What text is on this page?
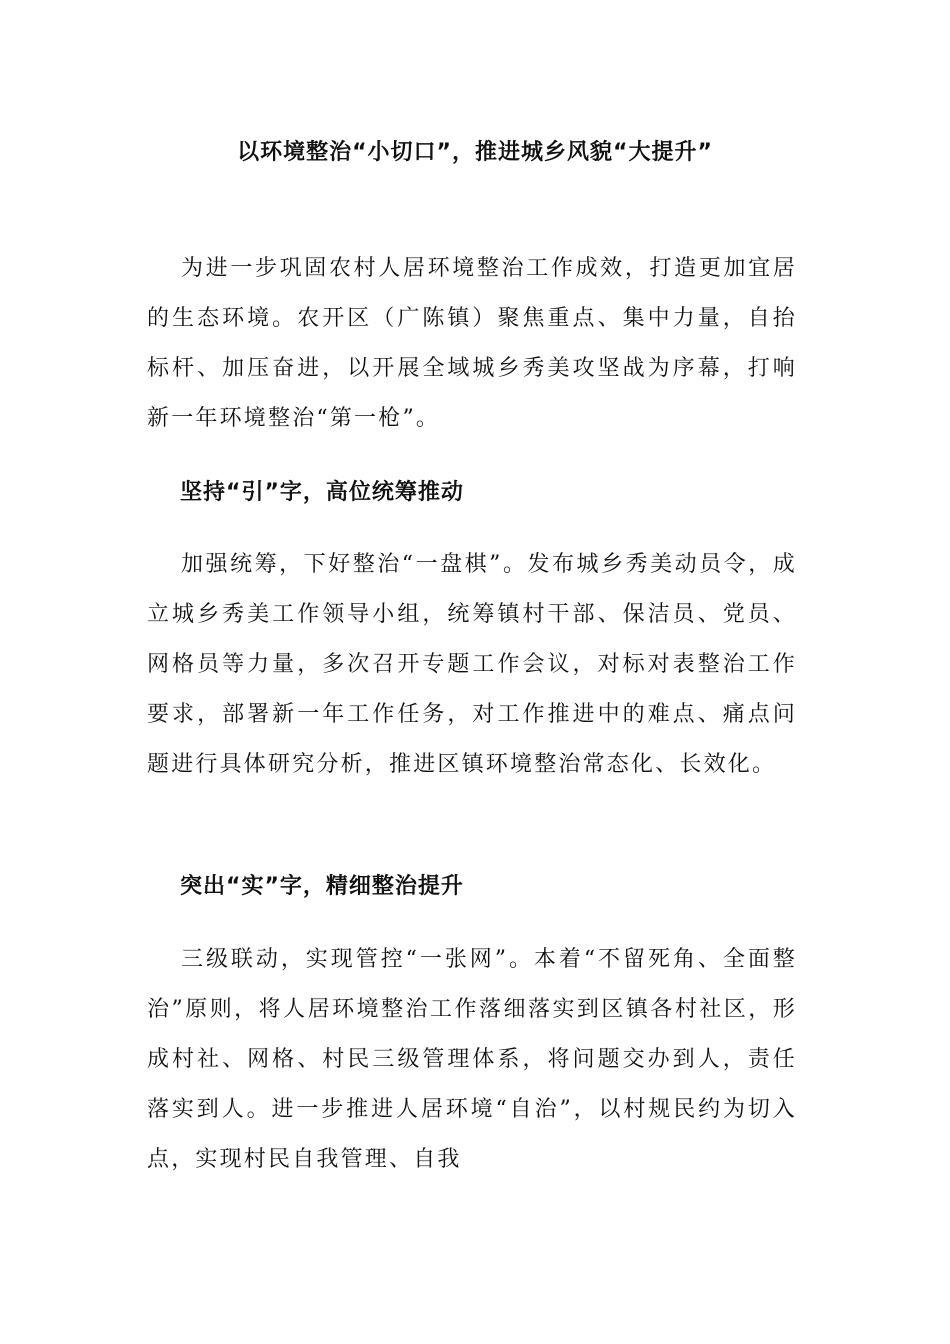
以环境整治“小切口”，推进城乡风貌“大提升”

为进一步巩固农村人居环境整治工作成效，打造更加宜居的生态环境。农开区（广陈镇）聚焦重点、集中力量，自抬标杆、加压奋进，以开展全域城乡秀美攻坚战为序幕，打响新一年环境整治“第一枪”。

坚持“引”字，高位统筹推动

加强统筹，下好整治“一盘棋”。发布城乡秀美动员令，成立城乡秀美工作领导小组，统筹镇村干部、保洁员、党员、网格员等力量，多次召开专题工作会议，对标对表整治工作要求，部署新一年工作任务，对工作推进中的难点、痛点问题进行具体研究分析，推进区镇环境整治常态化、长效化。

突出“实”字，精细整治提升

三级联动，实现管控“一张网”。本着“不留死角、全面整治”原则，将人居环境整治工作落细落实到区镇各村社区，形成村社、网格、村民三级管理体系，将问题交办到人，责任落实到人。进一步推进人居环境“自治”，以村规民约为切入点，实现村民自我管理、自我
